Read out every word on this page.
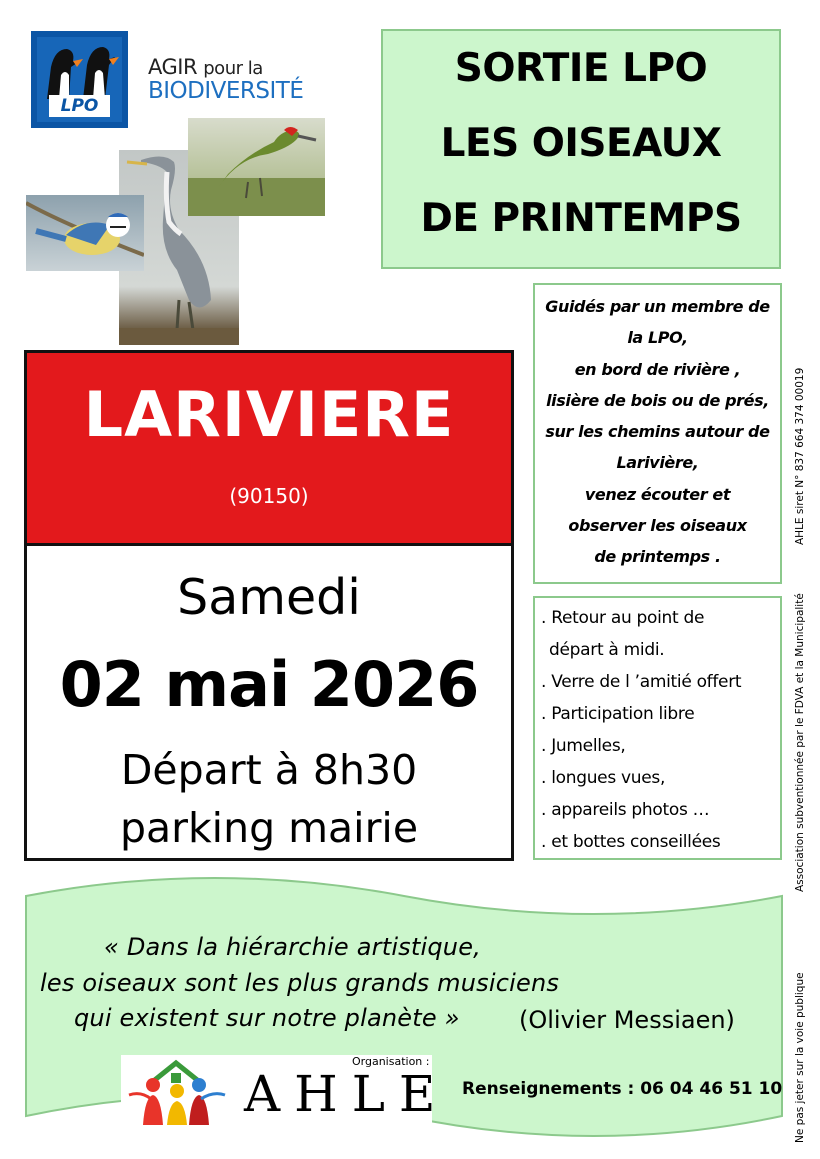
LPO
AGIR pour la
BIODIVERSITÉ	SORTIE LPO
LES OISEAUX
DE PRINTEMPS
Guidés par un membre de
la LPO,
en bord de rivière ,
lisière de bois ou de prés,
sur les chemins autour de
Larivière,
venez écouter et
observer les oiseaux
de printemps .
. Retour au point de
départ à midi.
. Verre de l ’amitié offert
. Participation libre
. Jumelles,
. longues vues,
. appareils photos …
. et bottes conseillées
LARIVIERE
(90150)
Samedi
02 mai 2026
Départ à 8h30
parking mairie
AHLE siret N° 837 664 374 00019
Association subventionnée par le FDVA et la Municipalité
Ne pas jeter sur la voie publique
« Dans la hiérarchie artistique,
les oiseaux sont les plus grands musiciens
qui existent sur notre planète » (Olivier Messiaen)
Organisation :
AHLE Renseignements : 06 04 46 51 10
